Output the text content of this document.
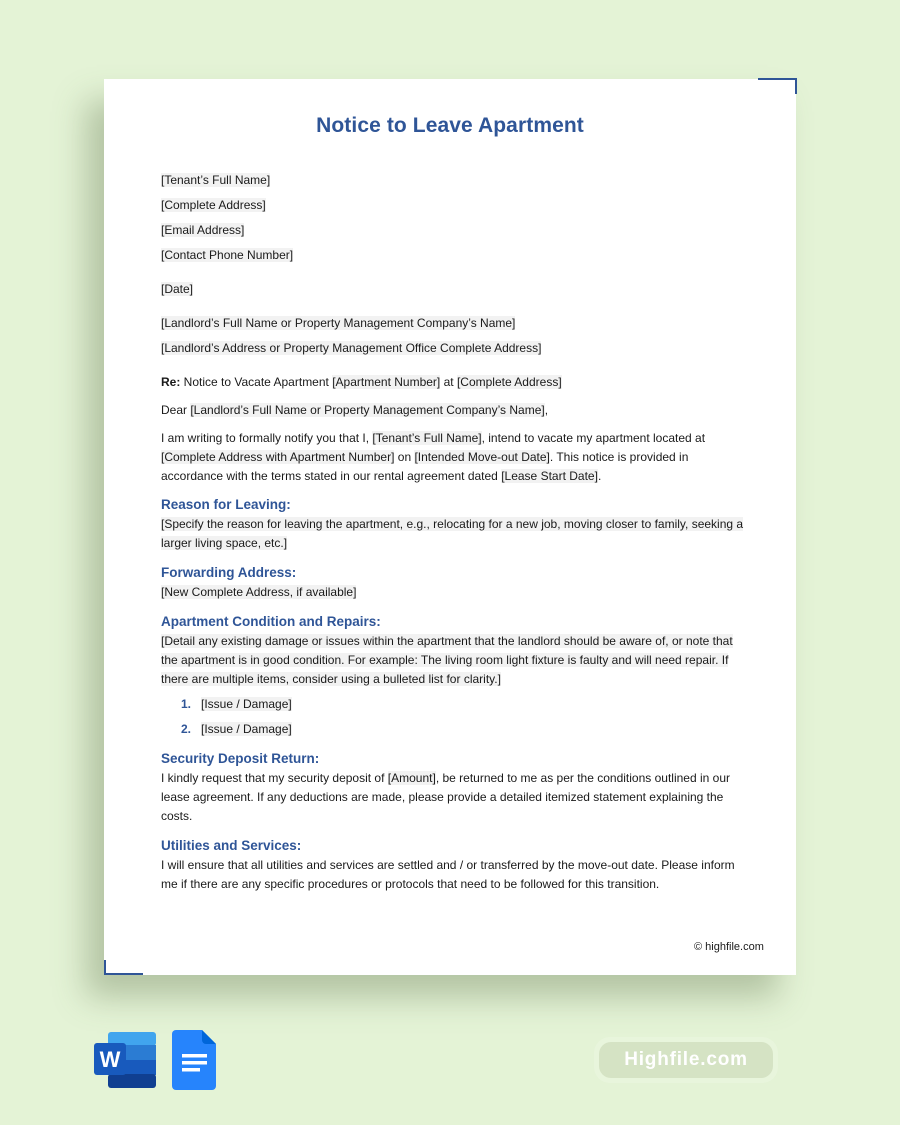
Notice to Leave Apartment
[Tenant’s Full Name]
[Complete Address]
[Email Address]
[Contact Phone Number]
[Date]
[Landlord’s Full Name or Property Management Company’s Name]
[Landlord’s Address or Property Management Office Complete Address]
Re: Notice to Vacate Apartment [Apartment Number] at [Complete Address]
Dear [Landlord’s Full Name or Property Management Company’s Name],
I am writing to formally notify you that I, [Tenant’s Full Name], intend to vacate my apartment located at [Complete Address with Apartment Number] on [Intended Move-out Date]. This notice is provided in accordance with the terms stated in our rental agreement dated [Lease Start Date].
Reason for Leaving:
[Specify the reason for leaving the apartment, e.g., relocating for a new job, moving closer to family, seeking a larger living space, etc.]
Forwarding Address:
[New Complete Address, if available]
Apartment Condition and Repairs:
[Detail any existing damage or issues within the apartment that the landlord should be aware of, or note that the apartment is in good condition. For example: The living room light fixture is faulty and will need repair. If there are multiple items, consider using a bulleted list for clarity.]
1. [Issue / Damage]
2. [Issue / Damage]
Security Deposit Return:
I kindly request that my security deposit of [Amount], be returned to me as per the conditions outlined in our lease agreement. If any deductions are made, please provide a detailed itemized statement explaining the costs.
Utilities and Services:
I will ensure that all utilities and services are settled and / or transferred by the move-out date. Please inform me if there are any specific procedures or protocols that need to be followed for this transition.
© highfile.com
W	Highfile.com
